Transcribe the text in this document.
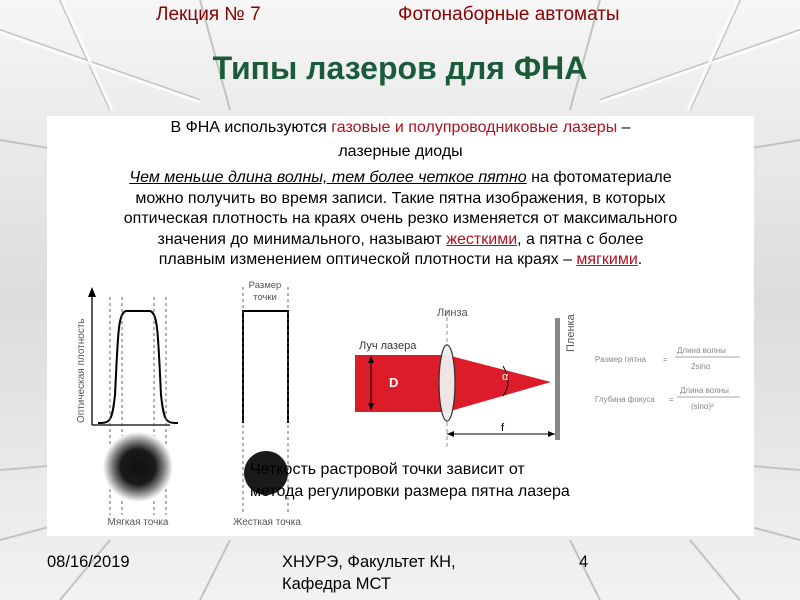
Лекция № 7	Фотонаборные автоматы
Типы лазеров для ФНА
В ФНА используются газовые и полупроводниковые лазеры –
лазерные диоды
Чем меньше длина волны, тем более четкое пятно на фотоматериале
можно получить во время записи. Такие пятна изображения, в которых
оптическая плотность на краях очень резко изменяется от максимального
значения до минимального, называют жесткими, а пятна с более
плавным изменением оптической плотности на краях – мягкими.
Оптическая плотность
Размер
точки
Мягкая точка	Жесткая точка
D	α
f
Линза
Луч лазера	Пленка
Размер пятна =
Длина волны
2sinα
Глубина фокуса =
Длина волны
(sinα)²
Четкость растровой точки зависит от
метода регулировки размера пятна лазера
08/16/2019	ХНУРЭ, Факультет КН,
Кафедра МСТ
4
